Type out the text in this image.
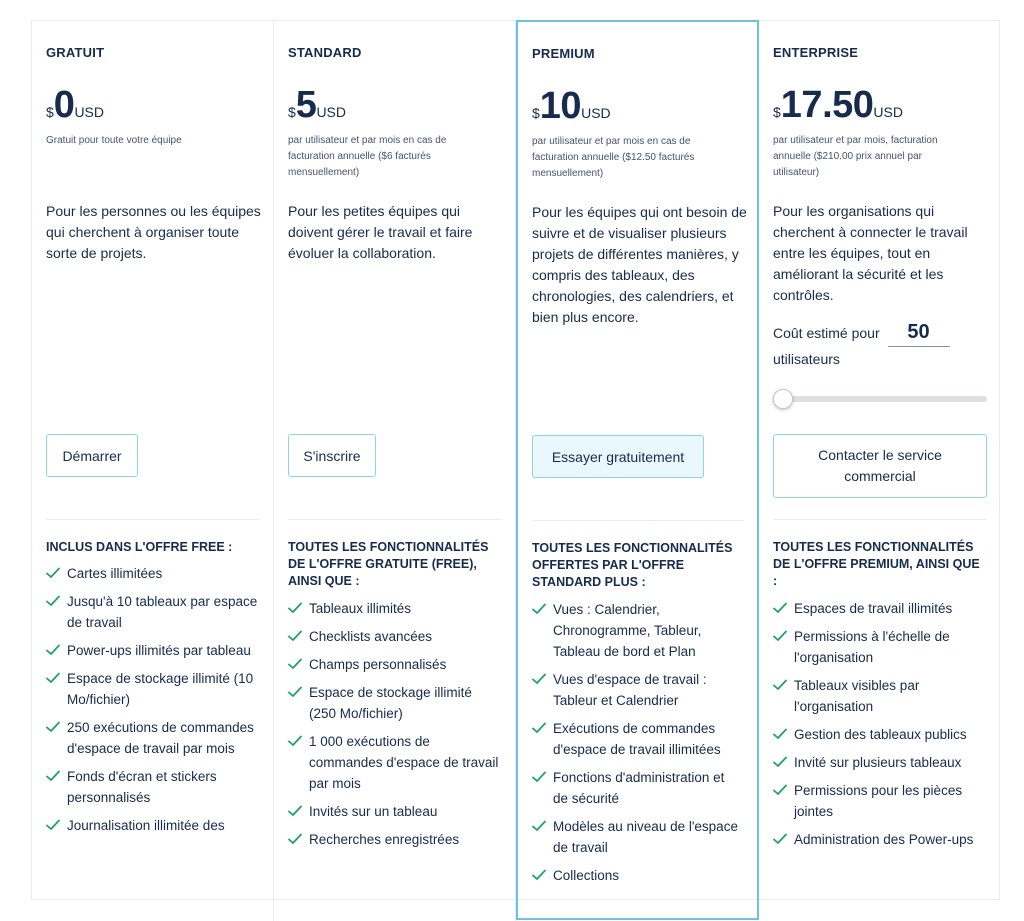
GRATUIT
$0USD
Gratuit pour toute votre équipe
Pour les personnes ou les équipes qui cherchent à organiser toute sorte de projets.
Démarrer
INCLUS DANS L'OFFRE FREE :
Cartes illimitées
Jusqu'à 10 tableaux par espace de travail
Power-ups illimités par tableau
Espace de stockage illimité (10 Mo/fichier)
250 exécutions de commandes d'espace de travail par mois
Fonds d'écran et stickers personnalisés
Journalisation illimitée des
STANDARD
$5USD
par utilisateur et par mois en cas de facturation annuelle ($6 facturés mensuellement)
Pour les petites équipes qui doivent gérer le travail et faire évoluer la collaboration.
S'inscrire
TOUTES LES FONCTIONNALITÉS DE L'OFFRE GRATUITE (FREE), AINSI QUE :
Tableaux illimités
Checklists avancées
Champs personnalisés
Espace de stockage illimité (250 Mo/fichier)
1 000 exécutions de commandes d'espace de travail par mois
Invités sur un tableau
Recherches enregistrées
PREMIUM
$10USD
par utilisateur et par mois en cas de facturation annuelle ($12.50 facturés mensuellement)
Pour les équipes qui ont besoin de suivre et de visualiser plusieurs projets de différentes manières, y compris des tableaux, des chronologies, des calendriers, et bien plus encore.
Essayer gratuitement
TOUTES LES FONCTIONNALITÉS OFFERTES PAR L'OFFRE STANDARD PLUS :
Vues : Calendrier, Chronogramme, Tableur, Tableau de bord et Plan
Vues d'espace de travail : Tableur et Calendrier
Exécutions de commandes d'espace de travail illimitées
Fonctions d'administration et de sécurité
Modèles au niveau de l'espace de travail
Collections
ENTERPRISE
$17.50USD
par utilisateur et par mois, facturation annuelle ($210.00 prix annuel par utilisateur)
Pour les organisations qui cherchent à connecter le travail entre les équipes, tout en améliorant la sécurité et les contrôles.
Coût estimé pour 50
utilisateurs
Contacter le service commercial
TOUTES LES FONCTIONNALITÉS DE L'OFFRE PREMIUM, AINSI QUE :
Espaces de travail illimités
Permissions à l'échelle de l'organisation
Tableaux visibles par l'organisation
Gestion des tableaux publics
Invité sur plusieurs tableaux
Permissions pour les pièces jointes
Administration des Power-ups
